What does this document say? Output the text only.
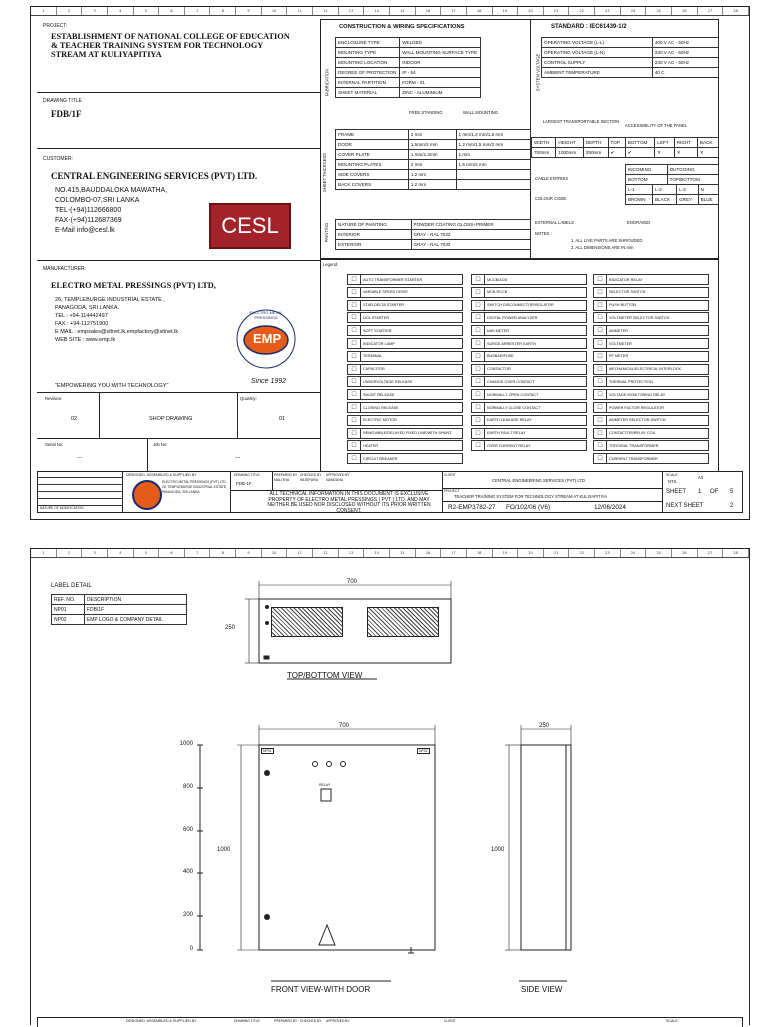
1	2	3	4	5	6	7	8	9	10	11	12	13	14	15	16	17	18	19	20	21	22	23	24	25	26	27	28
PROJECT:
ESTABLISHMENT OF NATIONAL COLLEGE OF EDUCATION & TEACHER TRAINING SYSTEM FOR TECHNOLOGY STREAM AT KULIYAPITIYA
DRAWING TITLE
FDB/1F
CUSTOMER:
CENTRAL ENGINEERING SERVICES (PVT) LTD.
NO.415,BAUDDALOKA MAWATHA,
COLOMBO-07,SRI LANKA
TEL-(+94)112666800
FAX-(+94)112687369
E-Mail info@cesl.lk	CESL
MANUFACTURER:
ELECTRO METAL PRESSINGS (PVT) LTD,
26, TEMPLEBURGE INDUSTRIAL ESTATE ,
PANAGODA, SRI LANKA.
TEL : +94-114442497
FAX : +94-112751900
E MAIL : empsales@sltnet.lk,empfactory@sltnet.lk
WEB SITE : www.emp.lk
"EMPOWERING YOU WITH TECHNOLOGY"
EMP
ELECTRO METAL PRESSINGS
Since 1992
Revision:
02	SHOP DRAWING
Quantity:
01
Serial No:
---
Job No:
---
CONSTRUCTION & WIRING SPECIFICATIONS
FABRICATION
ENCLOSURE TYPE	WELDED
MOUNTING TYPE	WALL MOUNTING-SURFACE TYPE
MOUNTING LOCATION	INDOOR
DEGREE OF PROTECTION	IP - 54
INTERNAL PARTITION	FORM - 01
SHEET MATERIAL	ZINC - ALUMINIUM
SHEET THICKNESS
FREE STANDING	WALL MOUNTING
FRAME	2 mm	1 mm/1.2 mm/1.5 mm
DOOR	1.5mm/2 mm	1.2 mm/1.5 mm/2 mm
COVER PLATE	1 mm/1.2mm	1 mm
MOUNTING PLATES	2 mm	1.5 mm/2 mm
SIDE COVERS	1.2 mm	
BACK COVERS	1.2 mm	
PAINTING NATURE OF PAINTING	POWDER COATING GLOSS+PRIMER
INTERIOR	GRAY - RAL 7032
EXTERIOR	GRAY - RAL 7032
STANDARD : IEC61439-1/2
SYSTEM VOLTAGE
OPERATING VOLTAGE (L-L)	400 V AC - 50Hz
OPERATING VOLTAGE (L-N)	230 V AC - 50Hz
CONTROL SUPPLY	230 V AC - 50Hz
AMBIENT TEMPERATURE	40 C
LARGEST TRANSPORTABLE SECTION
ACCESSIBILITY OF THE PANEL
WIDTH	HEIGHT	DEPTH	TOP	BOTTOM	LEFT	RIGHT	BACK
700mm	1000mm	250mm	✔	✔	✕	✕	✕
CABLE ENTRIES
INCOMING	OUTGOING
BOTTOM	TOP/BOTTOM
COLOUR CODE
L-1	L-2	L-3	N
BROWN	BLACK	GREY	BLUE
EXTERNAL LABELS	ENGRAVED
NOTES :
1. ALL LIVE PARTS ARE SHROUDED
2. ALL DIMENSIONS ARE IN mm
Legend:
□	AUTO TRANSFORMER STARTER
□	VARIABLE SPEED DRIVE
□	STAR-DELTA STARTER
□	DOL STARTER
□	SOFT STARTER
□	INDICATOR LAMP
□	TERMINAL
□	CAPACITOR
□	UNDERVOLTAGE RELEASE
□	SHUNT RELEASE
□	CLOSING RELEASE
□	ELECTRIC MOTOR
□	REMOVABLE/DELAYED FIXED LINE/WITH SHUNT
□	HEATER
□	CIRCUIT BREAKER
□	MCCB/ACB
□	MCB RCCB
□	SWITCH DISCONNECTOR/ISOLATOR
□	DIGITAL POWER ANALYZER
□	kWh METER
□	SURGE ARRESTER EARTH
□	BUSBAR/FUSE
□	CONTACTOR
□	CHANGE-OVER CONTACT
□	NORMALLY OPEN CONTACT
□	NORMALLY CLOSE CONTACT
□	EARTH LEAKAGE RELAY
□	EARTH FAULT RELAY
□	OVER CURRENT RELAY
□	INDICATOR RELAY
□	SELECTOR SWITCH
□	PUSH BUTTON
□	VOLTMETER SELECTOR SWITCH
□	AMMETER
□	VOLTMETER
□	PF METER
□	MECHANICAL/ELECTRICAL INTERLOCK
□	THERMAL PROTECTION
□	VOLTAGE MONITORING RELAY
□	POWER FACTOR REGULATOR
□	AMMETER SELECTOR SWITCH
□	CONTACTOR/RELAY COIL
□	TOROIDAL TRANSFORMER
□	CURRENT TRANSFORMER
NATURE OF MODIFICATION
DESIGNED, ASSEMBLED & SUPPLIED BY
ELECTRO METAL PRESSINGS (PVT) LTD.
26, TEMPLEBURGE INDUSTRIAL ESTATE,
PANAGODA, SRI LANKA.
DRAWING TITLE
FDB-1F
PREPARED BY
MALITHA
CHECKED BY
WIJEPURA
APPROVED BY
NANDANA
ALL TECHNICAL INFORMATION IN THIS DOCUMENT IS EXCLUSIVE PROPERTY OF ELECTRO METAL PRESSINGS ( PVT ) LTD. AND MAY NEITHER BE USED NOR DISCLOSED WITHOUT ITS PRIOR WRITTEN CONSENT.
CLIENT
CENTRAL ENGINEERING SERVICES (PVT) LTD
PROJECT
TEACHER TRAINING SYSTEM FOR TECHNOLOGY STREAM AT KULIYAPITIYA
R2-EMP3782-27 FO/102/06 (V6)	12/06/2024
SCALE
NTS
A3
SHEET 1 OF 5
NEXT SHEET	2
1	2	3	4	5	6	7	8	9	10	11	12	13	14	15	16	17	18	19	20	21	22	23	24	25	26	27	28
LABEL DETAIL
REF. NO.	DESCRIPTION
NP01	FDB/1F
NP02	EMP LOGO & COMPANY DETAIL
NP01	NP02
RELAY
700
250
TOP/BOTTOM VIEW
700
1000
FRONT VIEW-WITH DOOR
250
1000
SIDE VIEW
1000
800
600
400
200
0
DESIGNED, ASSEMBLED & SUPPLIED BY	DRAWING TITLE	PREPARED BY CHECKED BY APPROVED BY	CLIENT	SCALE
